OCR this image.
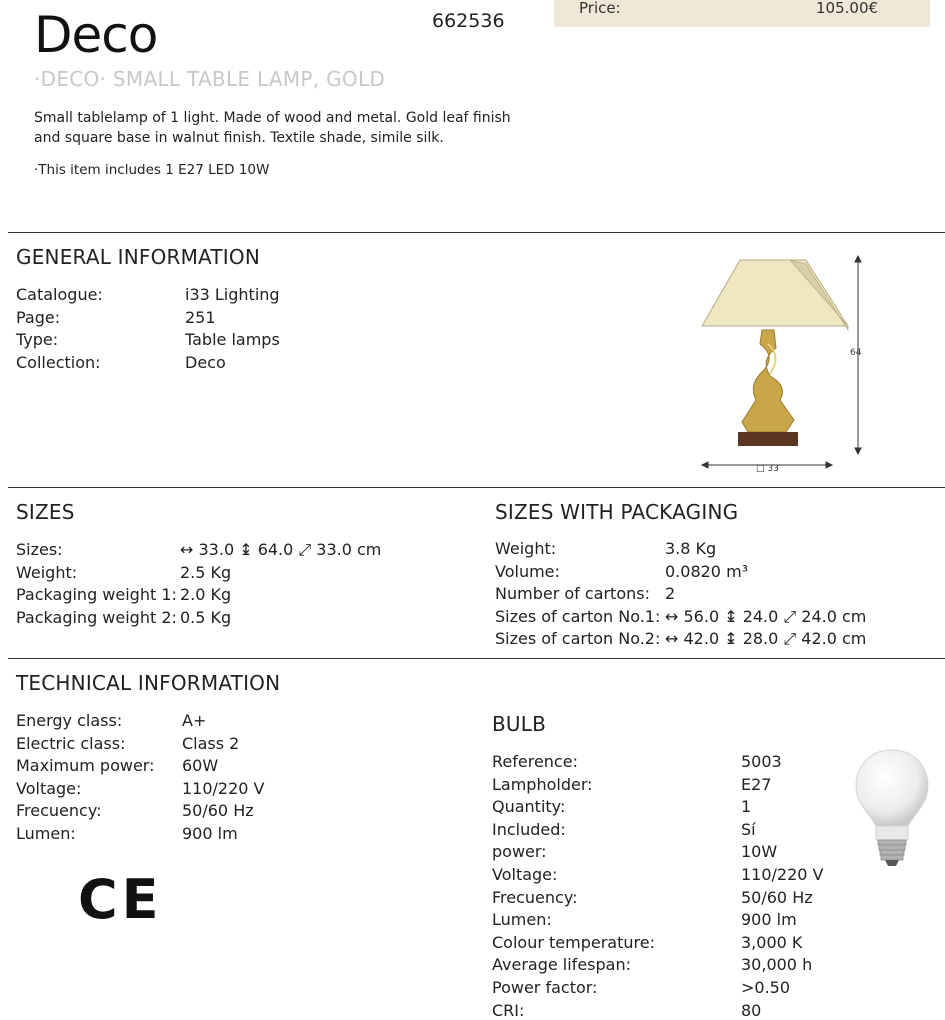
Deco	662536
Price:	105.00€
·DECO· SMALL TABLE LAMP, GOLD
Small tablelamp of 1 light. Made of wood and metal. Gold leaf finish and square base in walnut finish. Textile shade, simile silk.
·This item includes 1 E27 LED 10W
GENERAL INFORMATION
Catalogue:	i33 Lighting
Page:	251
Type:	Table lamps
Collection:	Deco	64
□ 33
SIZES
Sizes:	↔ 33.0 ↨ 64.0 ⤢ 33.0 cm
Weight:	2.5 Kg
Packaging weight 1: 2.0 Kg
Packaging weight 2: 0.5 Kg
SIZES WITH PACKAGING
Weight:	3.8 Kg
Volume:	0.0820 m³
Number of cartons: 2
Sizes of carton No.1: ↔ 56.0 ↨ 24.0 ⤢ 24.0 cm
Sizes of carton No.2: ↔ 42.0 ↨ 28.0 ⤢ 42.0 cm
TECHNICAL INFORMATION
Energy class:	A+
Electric class:	Class 2
Maximum power: 60W
Voltage:	110/220 V
Frecuency:	50/60 Hz
Lumen:	900 lm
CE
BULB
Reference:	5003
Lampholder:	E27
Quantity:	1
Included:	Sí
power:	10W
Voltage:	110/220 V
Frecuency:	50/60 Hz
Lumen:	900 lm
Colour temperature:	3,000 K
Average lifespan:	30,000 h
Power factor:	>0.50
CRI:	80
